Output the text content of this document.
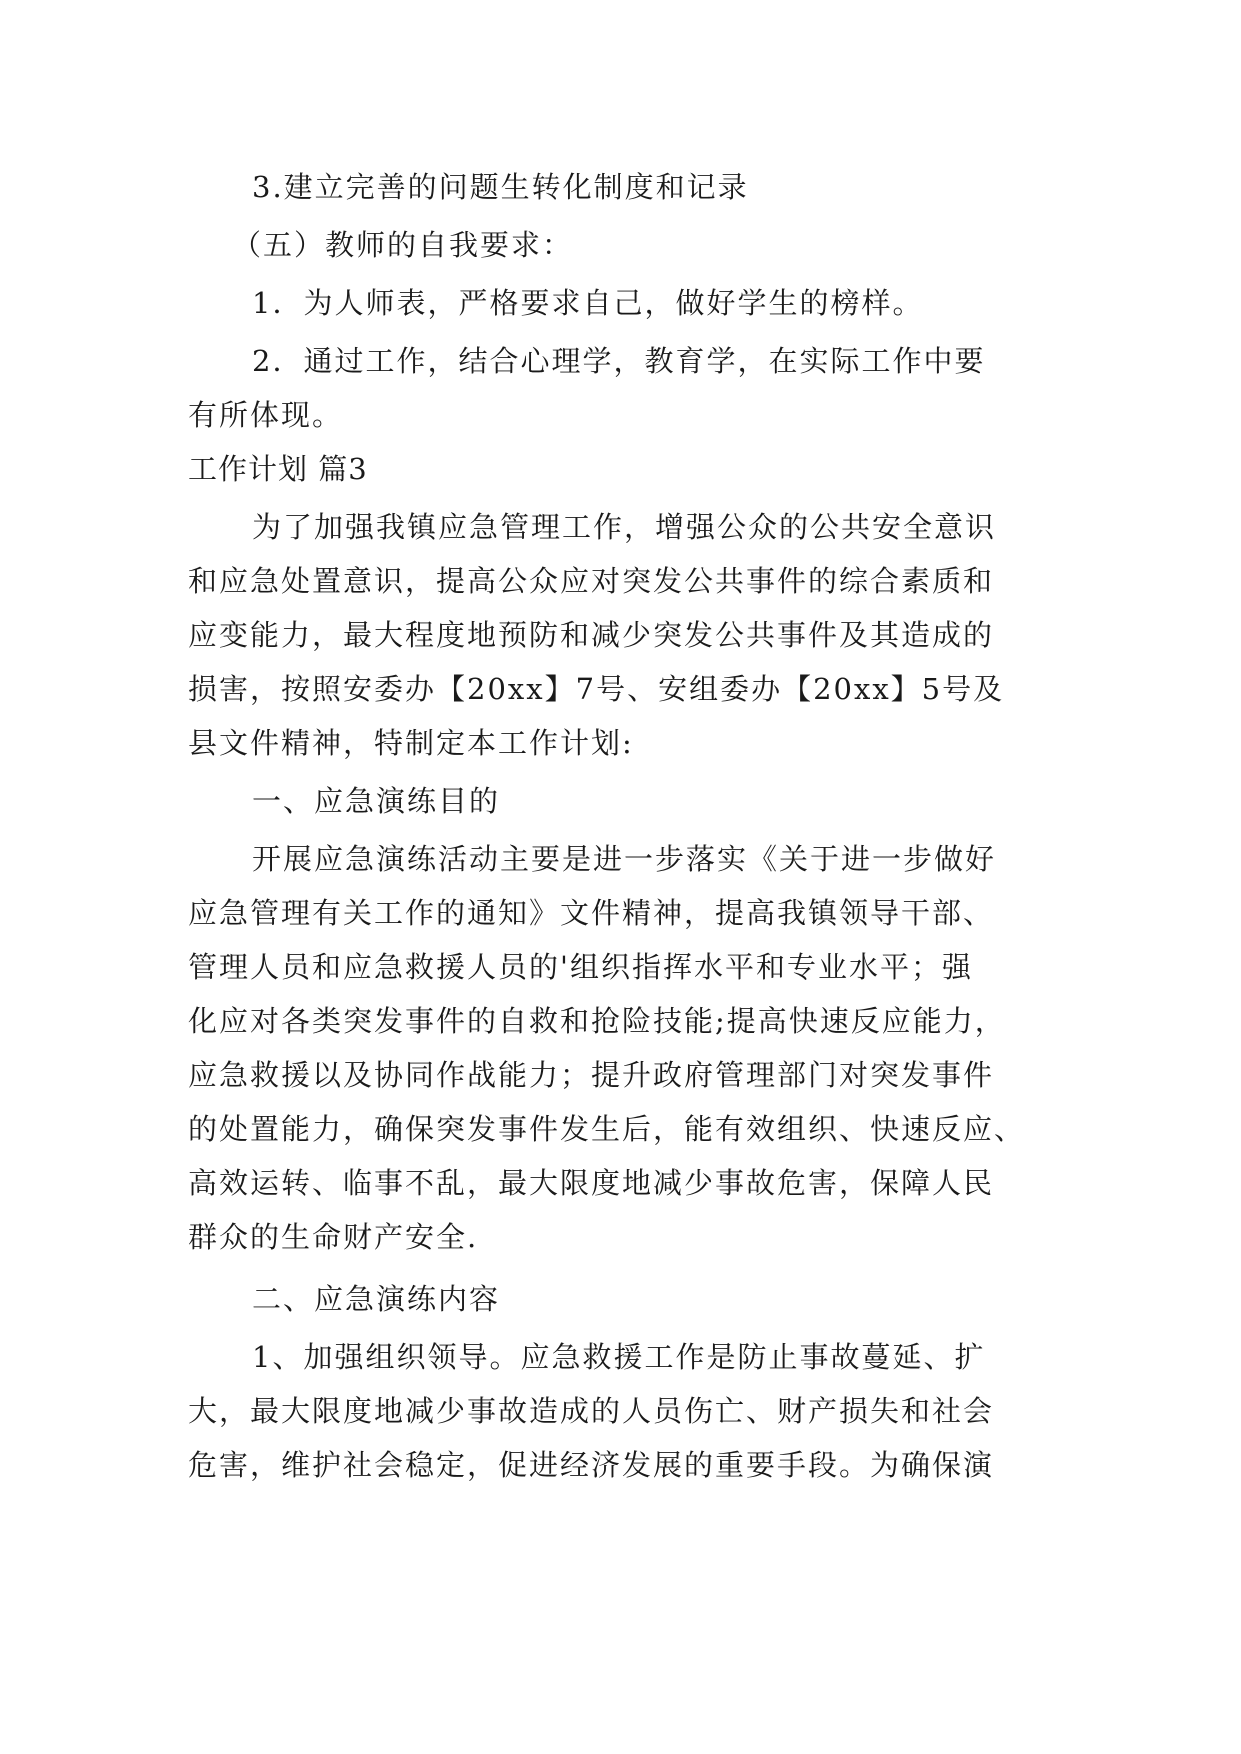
3.建立完善的问题生转化制度和记录
（五）教师的自我要求：
1．为人师表，严格要求自己，做好学生的榜样。
2．通过工作，结合心理学，教育学，在实际工作中要
有所体现。
工作计划 篇3
为了加强我镇应急管理工作，增强公众的公共安全意识
和应急处置意识，提高公众应对突发公共事件的综合素质和
应变能力，最大程度地预防和减少突发公共事件及其造成的
损害，按照安委办【20xx】7号、安组委办【20xx】5号及
县文件精神，特制定本工作计划:
一、应急演练目的
开展应急演练活动主要是进一步落实《关于进一步做好
应急管理有关工作的通知》文件精神，提高我镇领导干部、
管理人员和应急救援人员的'组织指挥水平和专业水平；强
化应对各类突发事件的自救和抢险技能;提高快速反应能力，
应急救援以及协同作战能力；提升政府管理部门对突发事件
的处置能力，确保突发事件发生后，能有效组织、快速反应、
高效运转、临事不乱，最大限度地减少事故危害，保障人民
群众的生命财产安全.
二、应急演练内容
1、加强组织领导。应急救援工作是防止事故蔓延、扩
大，最大限度地减少事故造成的人员伤亡、财产损失和社会
危害，维护社会稳定，促进经济发展的重要手段。为确保演
